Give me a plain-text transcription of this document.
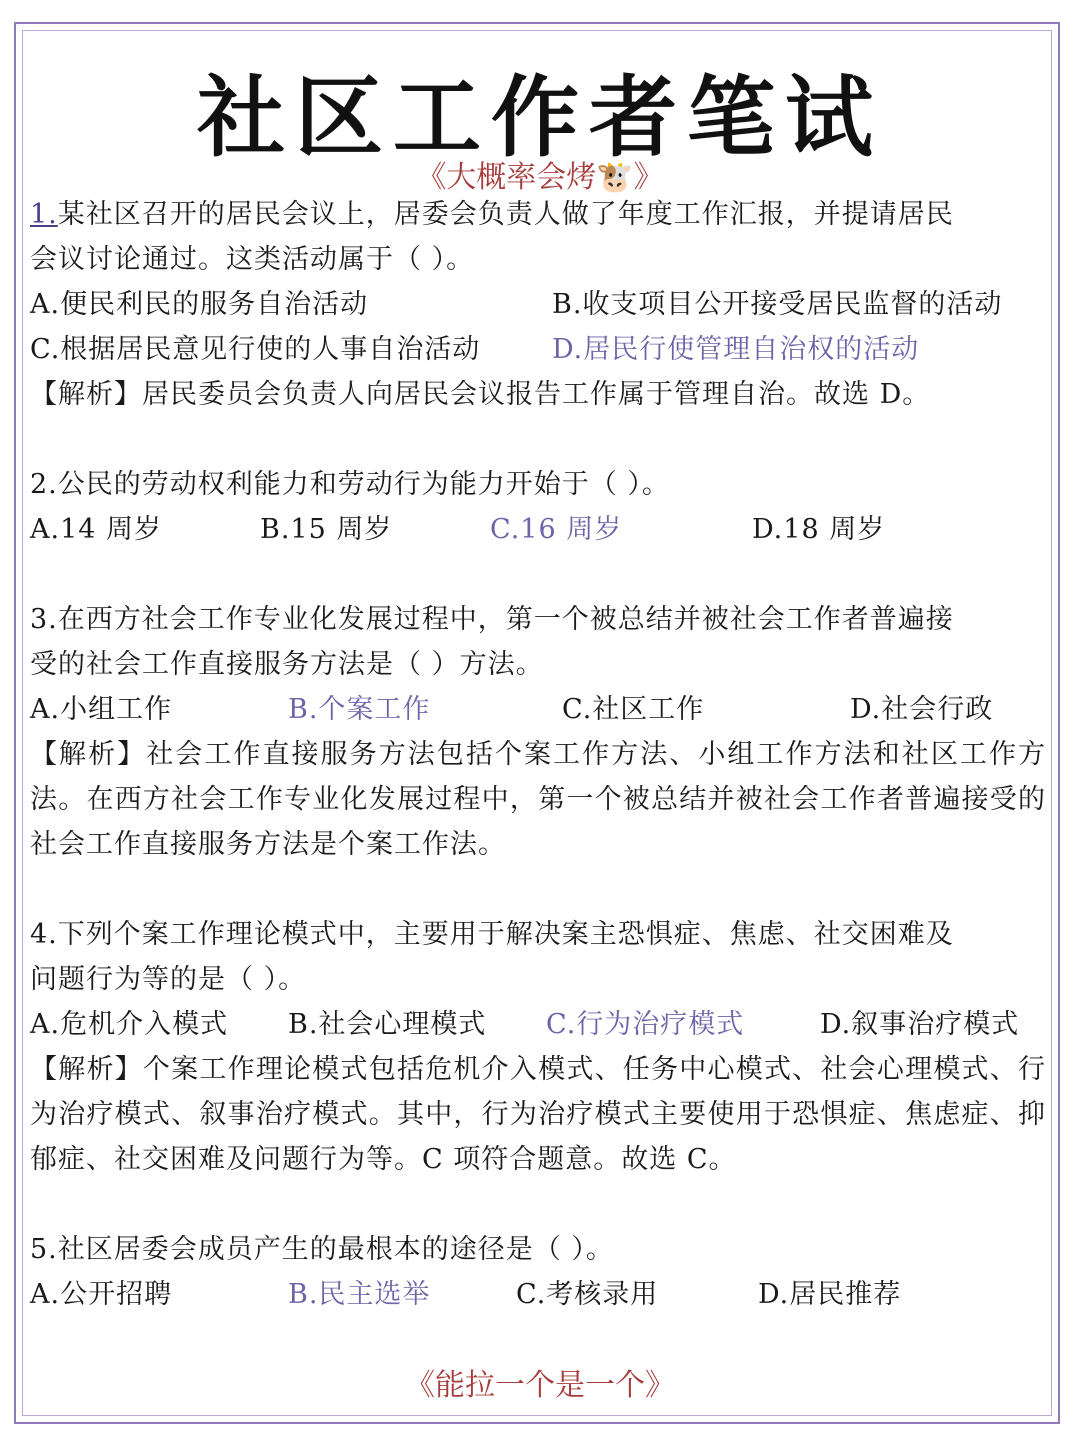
社区工作者笔试
《大概率会烤🐮》
1.某社区召开的居民会议上，居委会负责人做了年度工作汇报，并提请居民
会议讨论通过。这类活动属于（ ）。
A.便民利民的服务自治活动	B.收支项目公开接受居民监督的活动
C.根据居民意见行使的人事自治活动	D.居民行使管理自治权的活动
【解析】居民委员会负责人向居民会议报告工作属于管理自治。故选 D。
2.公民的劳动权利能力和劳动行为能力开始于（ ）。
A.14 周岁	B.15 周岁	C.16 周岁	D.18 周岁
3.在西方社会工作专业化发展过程中，第一个被总结并被社会工作者普遍接
受的社会工作直接服务方法是（ ）方法。
A.小组工作	B.个案工作	C.社区工作	D.社会行政
【解析】社会工作直接服务方法包括个案工作方法、小组工作方法和社区工作方法。在西方社会工作专业化发展过程中，第一个被总结并被社会工作者普遍接受的社会工作直接服务方法是个案工作法。
4.下列个案工作理论模式中，主要用于解决案主恐惧症、焦虑、社交困难及
问题行为等的是（ ）。
A.危机介入模式 B.社会心理模式 C.行为治疗模式	D.叙事治疗模式
【解析】个案工作理论模式包括危机介入模式、任务中心模式、社会心理模式、行为治疗模式、叙事治疗模式。其中，行为治疗模式主要使用于恐惧症、焦虑症、抑郁症、社交困难及问题行为等。C 项符合题意。故选 C。
5.社区居委会成员产生的最根本的途径是（ ）。
A.公开招聘	B.民主选举	C.考核录用	D.居民推荐
《能拉一个是一个》
